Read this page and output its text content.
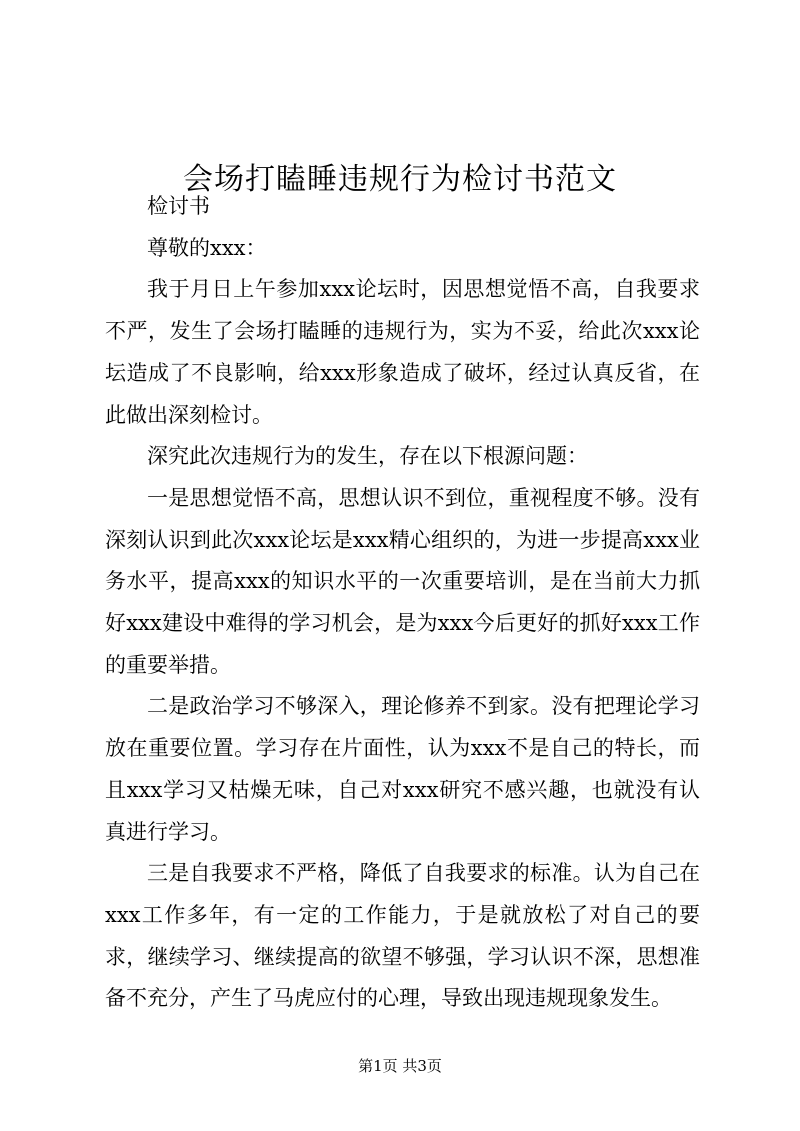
会场打瞌睡违规行为检讨书范文

检讨书

尊敬的xxx：

我于月日上午参加xxx论坛时，因思想觉悟不高，自我要求不严，发生了会场打瞌睡的违规行为，实为不妥，给此次xxx论坛造成了不良影响，给xxx形象造成了破坏，经过认真反省，在此做出深刻检讨。

深究此次违规行为的发生，存在以下根源问题：

一是思想觉悟不高，思想认识不到位，重视程度不够。没有深刻认识到此次xxx论坛是xxx精心组织的，为进一步提高xxx业务水平，提高xxx的知识水平的一次重要培训，是在当前大力抓好xxx建设中难得的学习机会，是为xxx今后更好的抓好xxx工作的重要举措。

二是政治学习不够深入，理论修养不到家。没有把理论学习放在重要位置。学习存在片面性，认为xxx不是自己的特长，而且xxx学习又枯燥无味，自己对xxx研究不感兴趣，也就没有认真进行学习。

三是自我要求不严格，降低了自我要求的标准。认为自己在xxx工作多年，有一定的工作能力，于是就放松了对自己的要求，继续学习、继续提高的欲望不够强，学习认识不深，思想准备不充分，产生了马虎应付的心理，导致出现违规现象发生。

第1页 共3页
